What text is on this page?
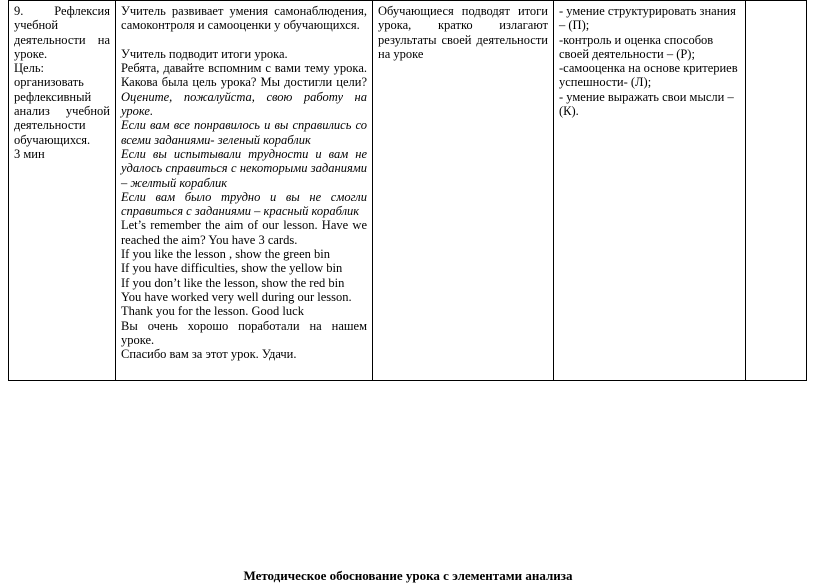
9. Рефлексия учебной деятельности на уроке.

Цель: организовать рефлексивный анализ учебной деятельности обучающихся.

3 мин

Учитель развивает умения самонаблюдения, самоконтроля и самооценки у обучающихся.

Учитель подводит итоги урока.

Ребята, давайте вспомним с вами тему урока. Какова была цель урока? Мы достигли цели? Оцените, пожалуйста, свою работу на уроке.

Если вам все понравилось и вы справились со всеми заданиями- зеленый кораблик

Если вы испытывали трудности и вам не удалось справиться с некоторыми заданиями – желтый кораблик

Если вам было трудно и вы не смогли справиться с заданиями – красный кораблик

Let’s remember the aim of our lesson. Have we reached the aim? You have 3 cards.

If you like the lesson , show the green bin

If you have difficulties, show the yellow bin

If you don’t like the lesson, show the red bin

You have worked very well during our lesson.

Thank you for the lesson. Good luck

Вы очень хорошо поработали на нашем уроке.

Спасибо вам за этот урок. Удачи.

Обучающиеся подводят итоги урока, кратко излагают результаты своей деятельности на уроке

- умение структурировать знания – (П);

-контроль и оценка способов своей деятельности – (Р);

-самооценка на основе критериев успешности- (Л);

- умение выражать свои мысли – (К).

Методическое обоснование урока с элементами анализа
